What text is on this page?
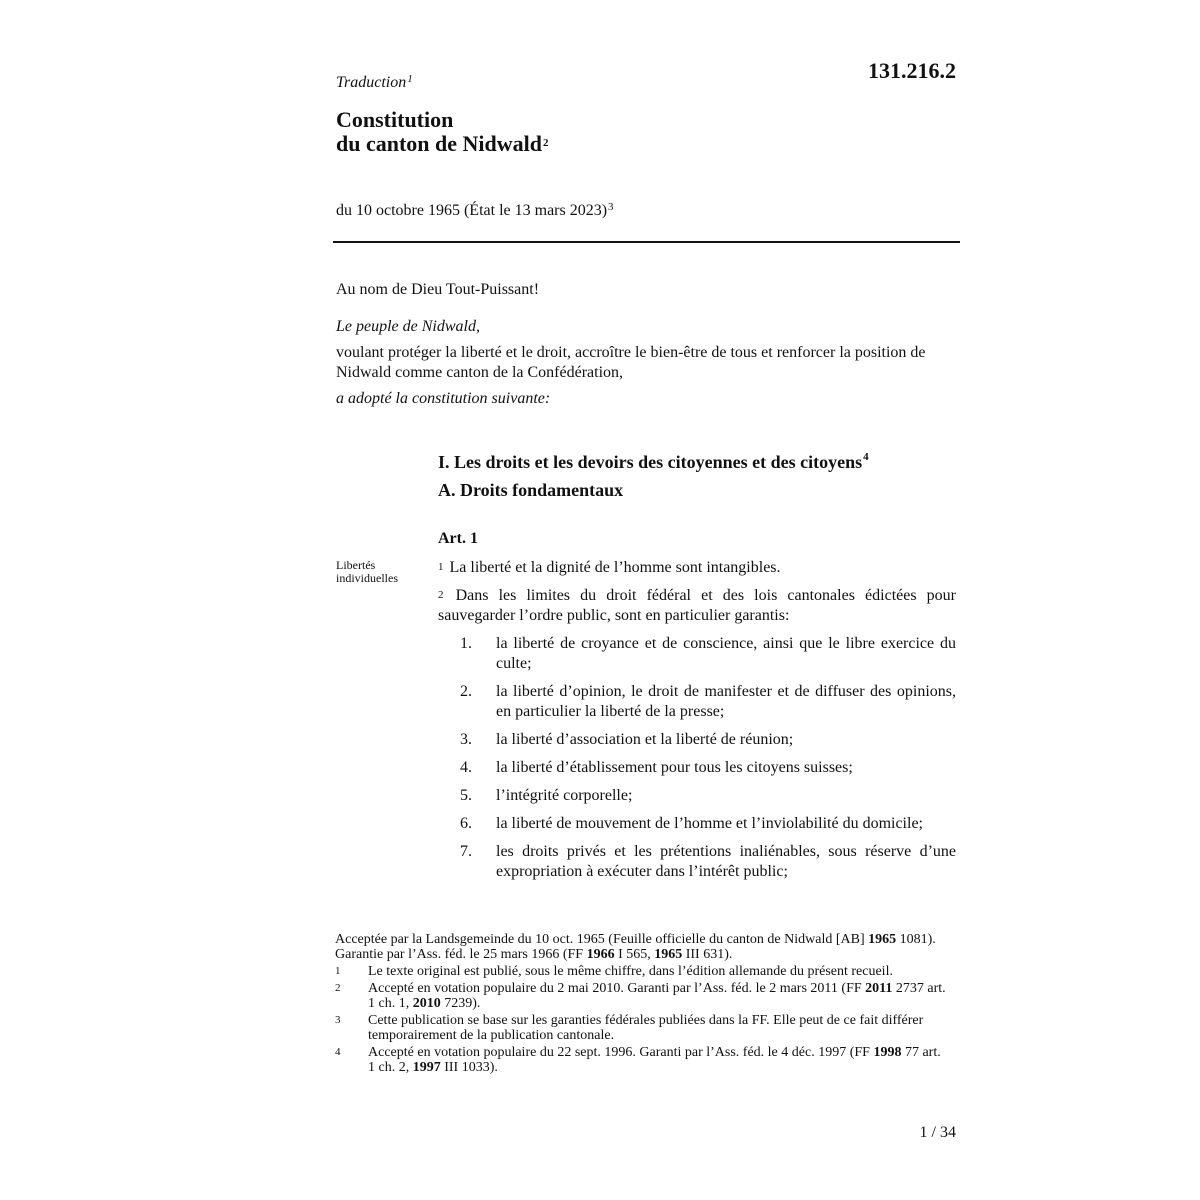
131.216.2
Traduction$^1$
Constitution
du canton de Nidwald$^2$
du 10 octobre 1965 (État le 13 mars 2023)$^3$
Au nom de Dieu Tout-Puissant!
Le peuple de Nidwald,
voulant protéger la liberté et le droit, accroître le bien-être de tous et renforcer la position de Nidwald comme canton de la Confédération,
a adopté la constitution suivante:
I. Les droits et les devoirs des citoyennes et des citoyens$^4$
A. Droits fondamentaux
Art. 1
Libertés individuelles
$^1$ La liberté et la dignité de l’homme sont intangibles.
$^2$ Dans les limites du droit fédéral et des lois cantonales édictées pour sauvegarder l’ordre public, sont en particulier garantis:
1.	la liberté de croyance et de conscience, ainsi que le libre exercice du culte;
2.	la liberté d’opinion, le droit de manifester et de diffuser des opinions, en particulier la liberté de la presse;
3.	la liberté d’association et la liberté de réunion;
4.	la liberté d’établissement pour tous les citoyens suisses;
5.	l’intégrité corporelle;
6.	la liberté de mouvement de l’homme et l’inviolabilité du domicile;
7.	les droits privés et les prétentions inaliénables, sous réserve d’une expropriation à exécuter dans l’intérêt public;
Acceptée par la Landsgemeinde du 10 oct. 1965 (Feuille officielle du canton de Nidwald [AB] 1965 1081). Garantie par l’Ass. féd. le 25 mars 1966 (FF 1966 I 565, 1965 III 631).
1	Le texte original est publié, sous le même chiffre, dans l’édition allemande du présent recueil.
2	Accepté en votation populaire du 2 mai 2010. Garanti par l’Ass. féd. le 2 mars 2011 (FF 2011 2737 art. 1 ch. 1, 2010 7239).
3	Cette publication se base sur les garanties fédérales publiées dans la FF. Elle peut de ce fait différer temporairement de la publication cantonale.
4	Accepté en votation populaire du 22 sept. 1996. Garanti par l’Ass. féd. le 4 déc. 1997 (FF 1998 77 art. 1 ch. 2, 1997 III 1033).
1 / 34
